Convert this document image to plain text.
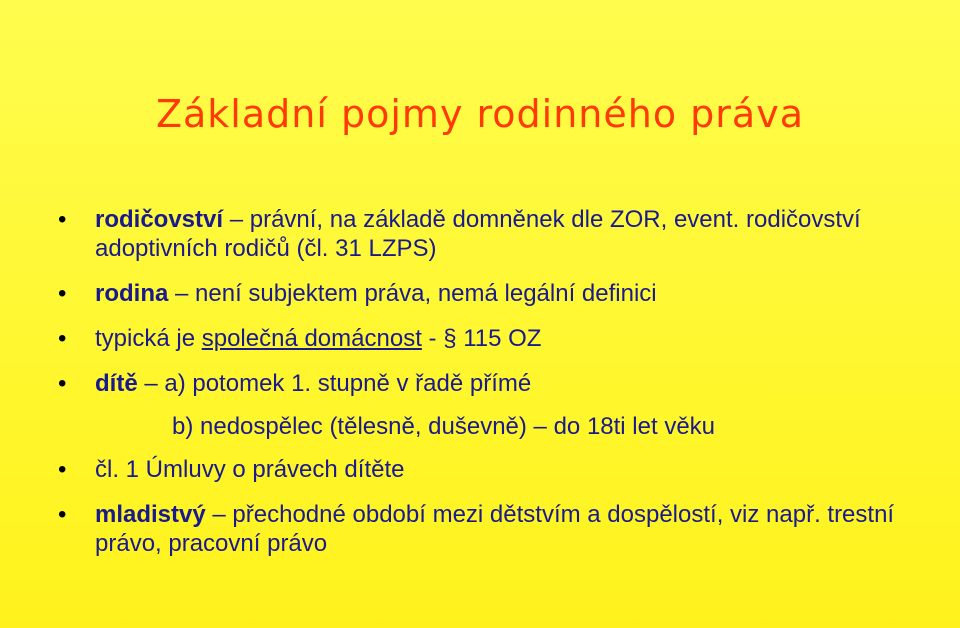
Základní pojmy rodinného práva
• rodičovství – právní, na základě domněnek dle ZOR, event. rodičovství adoptivních rodičů (čl. 31 LZPS)
• rodina – není subjektem práva, nemá legální definici
• typická je společná domácnost - § 115 OZ
• dítě – a) potomek 1. stupně v řadě přímé
b) nedospělec (tělesně, duševně) – do 18ti let věku
• čl. 1 Úmluvy o právech dítěte
• mladistvý – přechodné období mezi dětstvím a dospělostí, viz např. trestní právo, pracovní právo
